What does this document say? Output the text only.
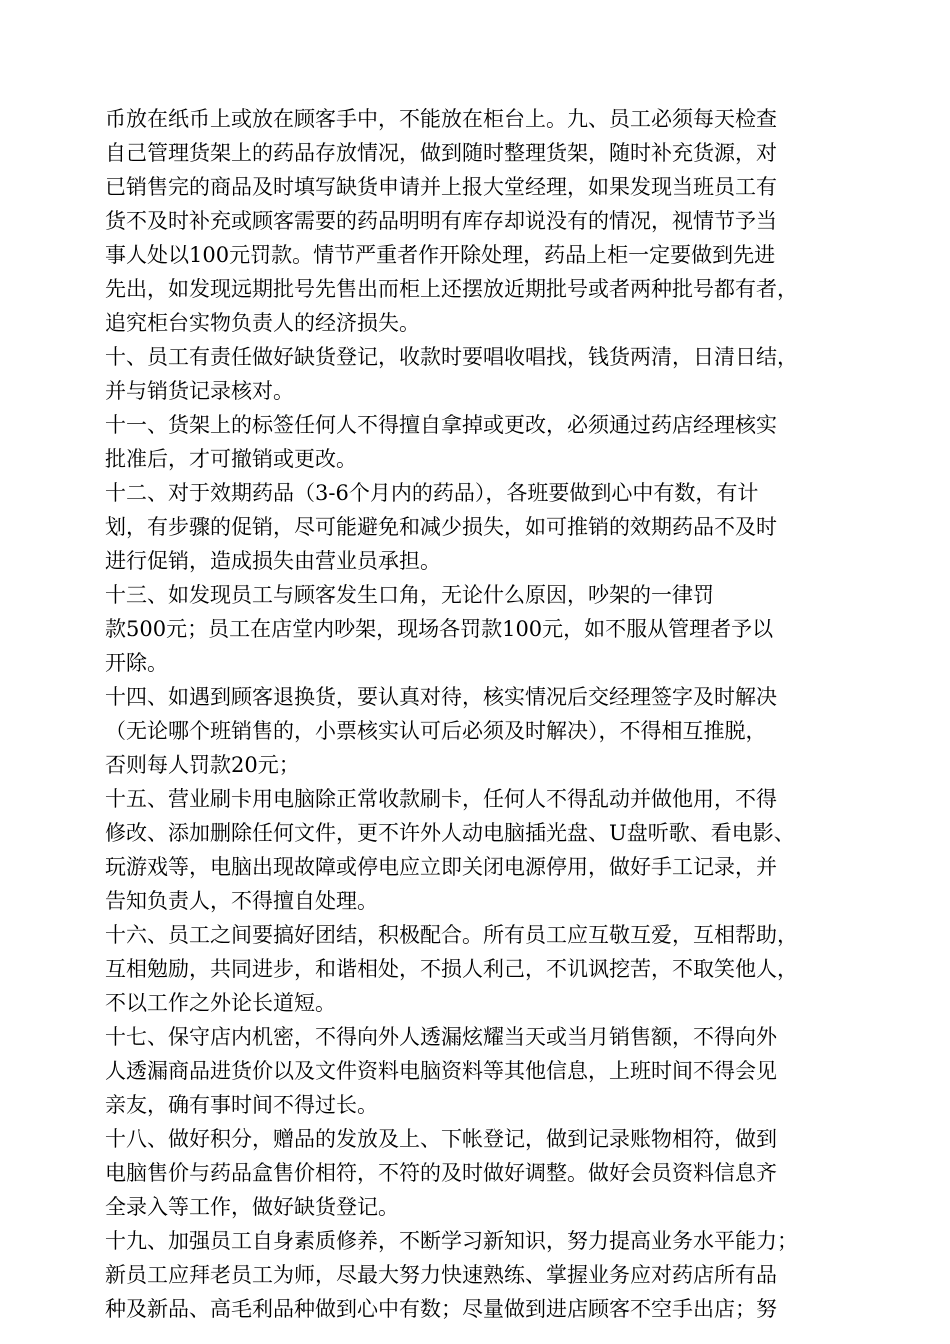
币放在纸币上或放在顾客手中，不能放在柜台上。九、员工必须每天检查
自己管理货架上的药品存放情况，做到随时整理货架，随时补充货源，对
已销售完的商品及时填写缺货申请并上报大堂经理，如果发现当班员工有
货不及时补充或顾客需要的药品明明有库存却说没有的情况，视情节予当
事人处以100元罚款。情节严重者作开除处理，药品上柜一定要做到先进
先出，如发现远期批号先售出而柜上还摆放近期批号或者两种批号都有者，
追究柜台实物负责人的经济损失。
十、员工有责任做好缺货登记，收款时要唱收唱找，钱货两清，日清日结，
并与销货记录核对。
十一、货架上的标签任何人不得擅自拿掉或更改，必须通过药店经理核实
批准后，才可撤销或更改。
十二、对于效期药品（3-6个月内的药品），各班要做到心中有数，有计
划，有步骤的促销，尽可能避免和减少损失，如可推销的效期药品不及时
进行促销，造成损失由营业员承担。
十三、如发现员工与顾客发生口角，无论什么原因，吵架的一律罚
款500元；员工在店堂内吵架，现场各罚款100元，如不服从管理者予以
开除。
十四、如遇到顾客退换货，要认真对待，核实情况后交经理签字及时解决
（无论哪个班销售的，小票核实认可后必须及时解决），不得相互推脱，
否则每人罚款20元；
十五、营业刷卡用电脑除正常收款刷卡，任何人不得乱动并做他用，不得
修改、添加删除任何文件，更不许外人动电脑插光盘、U盘听歌、看电影、
玩游戏等，电脑出现故障或停电应立即关闭电源停用，做好手工记录，并
告知负责人，不得擅自处理。
十六、员工之间要搞好团结，积极配合。所有员工应互敬互爱，互相帮助，
互相勉励，共同进步，和谐相处，不损人利己，不讥讽挖苦，不取笑他人，
不以工作之外论长道短。
十七、保守店内机密，不得向外人透漏炫耀当天或当月销售额，不得向外
人透漏商品进货价以及文件资料电脑资料等其他信息，上班时间不得会见
亲友，确有事时间不得过长。
十八、做好积分，赠品的发放及上、下帐登记，做到记录账物相符，做到
电脑售价与药品盒售价相符，不符的及时做好调整。做好会员资料信息齐
全录入等工作，做好缺货登记。
十九、加强员工自身素质修养，不断学习新知识，努力提高业务水平能力；
新员工应拜老员工为师，尽最大努力快速熟练、掌握业务应对药店所有品
种及新品、高毛利品种做到心中有数；尽量做到进店顾客不空手出店；努
